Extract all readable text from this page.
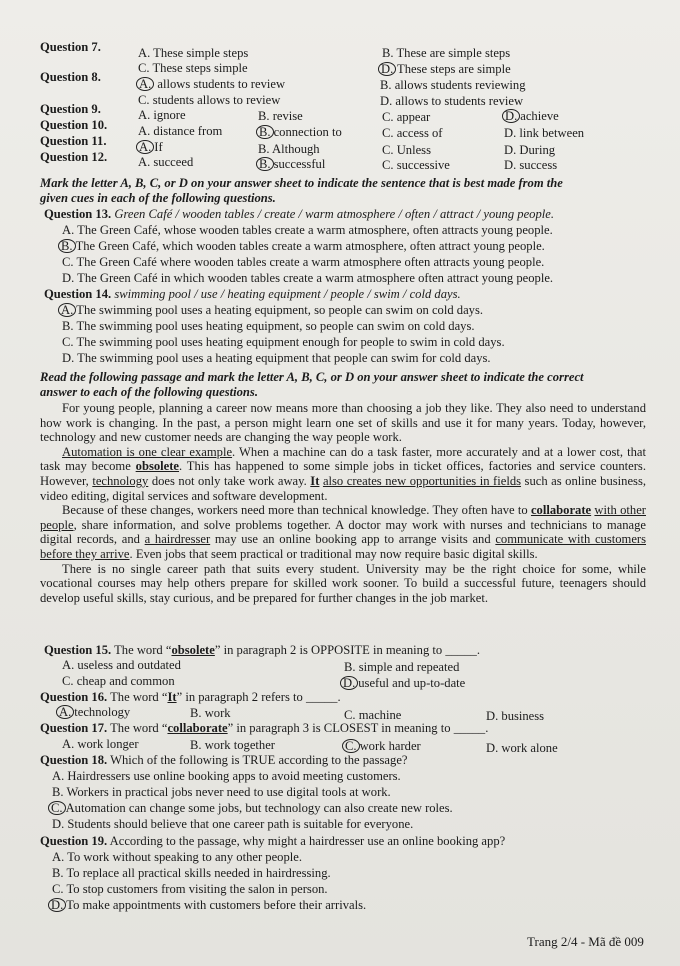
Question 7.	A. These simple steps	B. These are simple steps
C. These steps simple	D. These steps are simple
Question 8.	A. allows students to review	B. allows students reviewing
C. students allows to review	D. allows to students review
Question 9.	A. ignore	B. revise	C. appear	D. achieve
Question 10. A. distance from	B. connection to	C. access of	D. link between
Question 11.	A. If	B. Although	C. Unless	D. During
Question 12. A. succeed	B. successful	C. successive	D. success
Mark the letter A, B, C, or D on your answer sheet to indicate the sentence that is best made from the
given cues in each of the following questions.
Question 13. Green Café / wooden tables / create / warm atmosphere / often / attract / young people.
A. The Green Café, whose wooden tables create a warm atmosphere, often attracts young people.
B. The Green Café, which wooden tables create a warm atmosphere, often attract young people.
C. The Green Café where wooden tables create a warm atmosphere often attracts young people.
D. The Green Café in which wooden tables create a warm atmosphere often attract young people.
Question 14. swimming pool / use / heating equipment / people / swim / cold days.
A. The swimming pool uses a heating equipment, so people can swim on cold days.
B. The swimming pool uses heating equipment, so people can swim on cold days.
C. The swimming pool uses heating equipment enough for people to swim in cold days.
D. The swimming pool uses a heating equipment that people can swim for cold days.
Read the following passage and mark the letter A, B, C, or D on your answer sheet to indicate the correct
answer to each of the following questions.

For young people, planning a career now means more than choosing a job they like. They also need to understand how work is changing. In the past, a person might learn one set of skills and use it for many years. Today, however, technology and new customer needs are changing the way people work.

Automation is one clear example. When a machine can do a task faster, more accurately and at a lower cost, that task may become obsolete. This has happened to some simple jobs in ticket offices, factories and service counters. However, technology does not only take work away. It also creates new opportunities in fields such as online business, video editing, digital services and software development.

Because of these changes, workers need more than technical knowledge. They often have to collaborate with other people, share information, and solve problems together. A doctor may work with nurses and technicians to manage digital records, and a hairdresser may use an online booking app to arrange visits and communicate with customers before they arrive. Even jobs that seem practical or traditional may now require basic digital skills.

There is no single career path that suits every student. University may be the right choice for some, while vocational courses may help others prepare for skilled work sooner. To build a successful future, teenagers should develop useful skills, stay curious, and be prepared for further changes in the job market.

Question 15. The word “obsolete” in paragraph 2 is OPPOSITE in meaning to _____.
A. useless and outdated	B. simple and repeated
C. cheap and common	D. useful and up-to-date
Question 16. The word “It” in paragraph 2 refers to _____.
A. technology	B. work	C. machine	D. business
Question 17. The word “collaborate” in paragraph 3 is CLOSEST in meaning to _____.
A. work longer	B. work together	C. work harder	D. work alone
Question 18. Which of the following is TRUE according to the passage?
A. Hairdressers use online booking apps to avoid meeting customers.
B. Workers in practical jobs never need to use digital tools at work.
C. Automation can change some jobs, but technology can also create new roles.
D. Students should believe that one career path is suitable for everyone.
Question 19. According to the passage, why might a hairdresser use an online booking app?
A. To work without speaking to any other people.
B. To replace all practical skills needed in hairdressing.
C. To stop customers from visiting the salon in person.
D. To make appointments with customers before their arrivals.
Trang 2/4 - Mã đề 009
